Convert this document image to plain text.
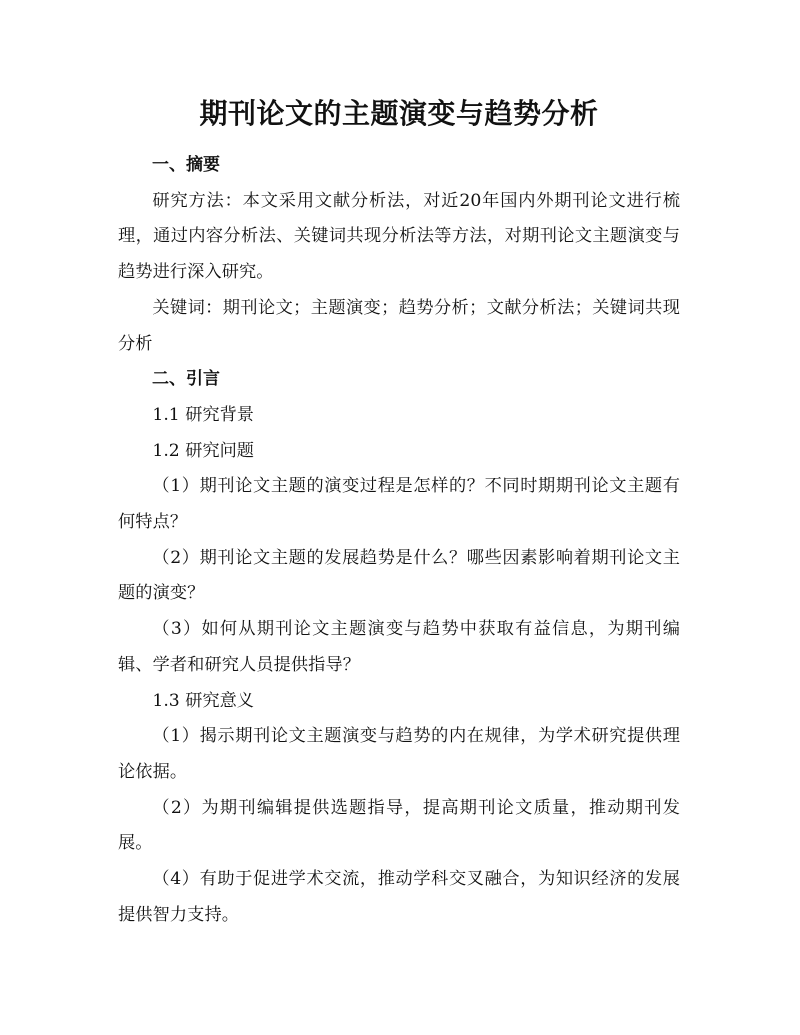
期刊论文的主题演变与趋势分析

一、摘要

研究方法：本文采用文献分析法，对近20年国内外期刊论文进行梳理，通过内容分析法、关键词共现分析法等方法，对期刊论文主题演变与趋势进行深入研究。

关键词：期刊论文；主题演变；趋势分析；文献分析法；关键词共现分析

二、引言

1.1 研究背景

1.2 研究问题

（1）期刊论文主题的演变过程是怎样的？不同时期期刊论文主题有何特点？

（2）期刊论文主题的发展趋势是什么？哪些因素影响着期刊论文主题的演变？

（3）如何从期刊论文主题演变与趋势中获取有益信息，为期刊编辑、学者和研究人员提供指导？

1.3 研究意义

（1）揭示期刊论文主题演变与趋势的内在规律，为学术研究提供理论依据。

（2）为期刊编辑提供选题指导，提高期刊论文质量，推动期刊发展。

（4）有助于促进学术交流，推动学科交叉融合，为知识经济的发展提供智力支持。
